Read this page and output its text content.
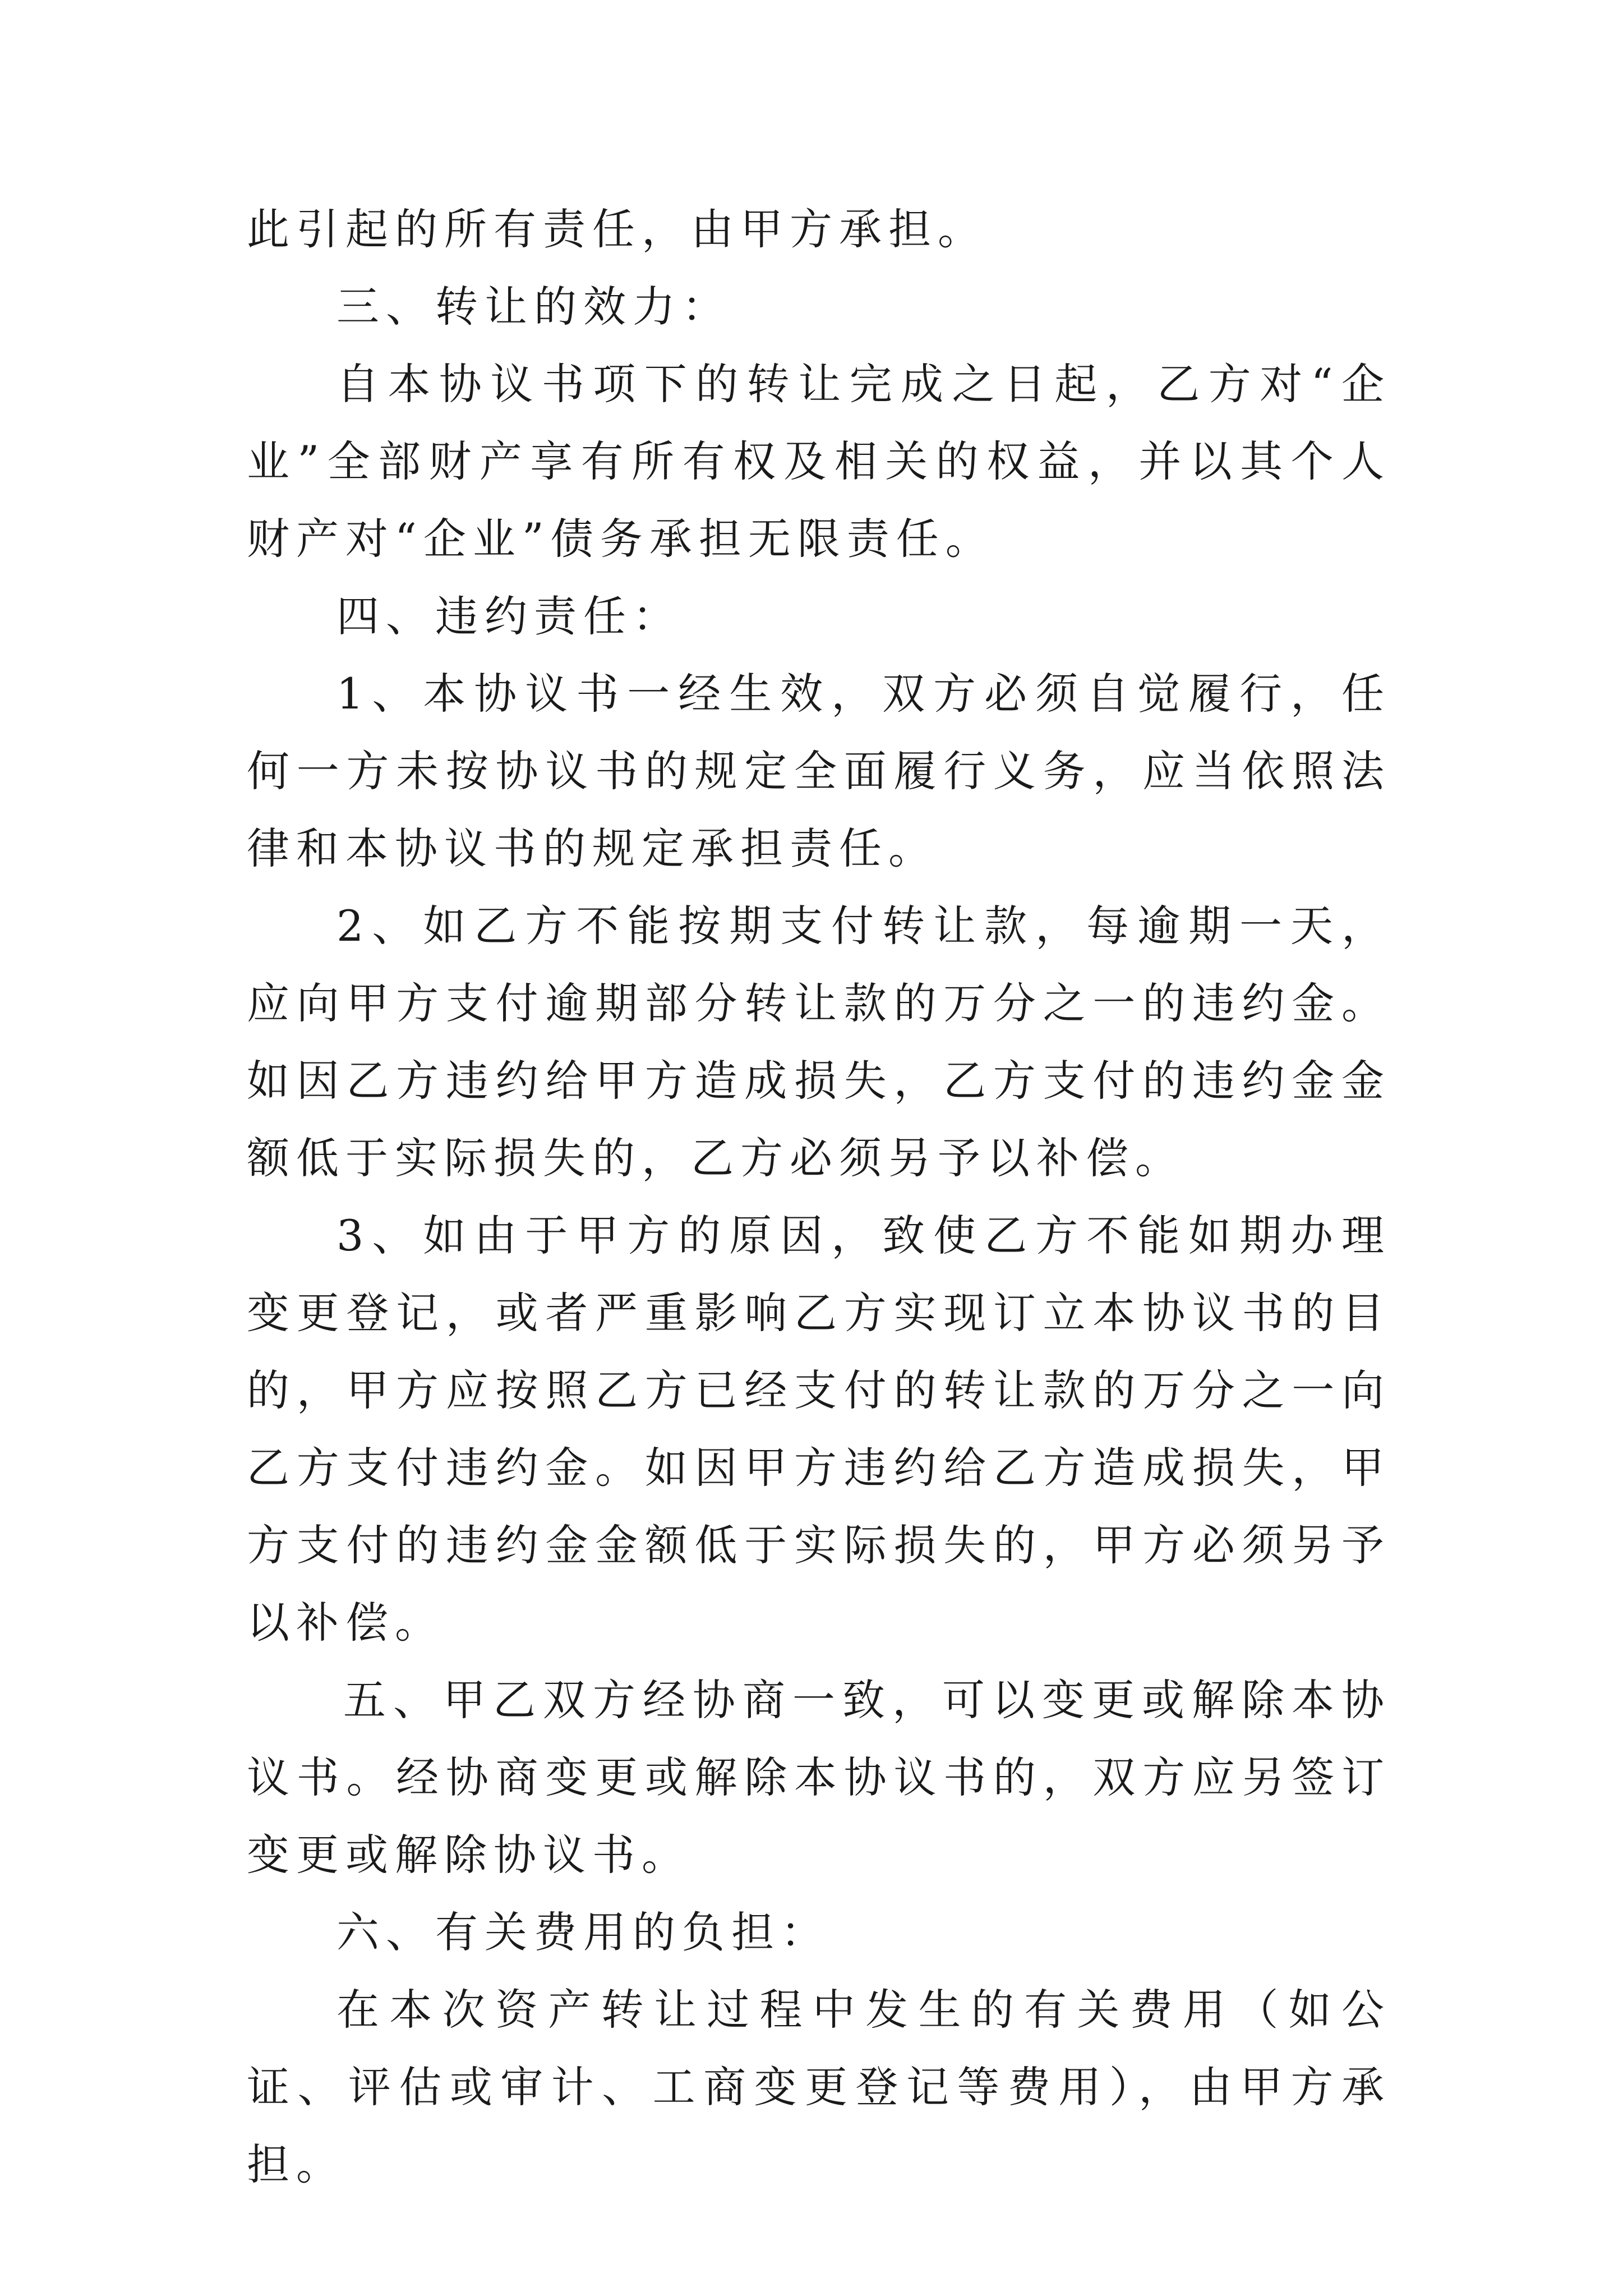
此引起的所有责任，由甲方承担。

三、转让的效力：

自本协议书项下的转让完成之日起，乙方对“企业”全部财产享有所有权及相关的权益，并以其个人财产对“企业”债务承担无限责任。

四、违约责任：

1、本协议书一经生效，双方必须自觉履行，任何一方未按协议书的规定全面履行义务，应当依照法律和本协议书的规定承担责任。

2、如乙方不能按期支付转让款，每逾期一天，应向甲方支付逾期部分转让款的万分之一的违约金。如因乙方违约给甲方造成损失，乙方支付的违约金金额低于实际损失的，乙方必须另予以补偿。

3、如由于甲方的原因，致使乙方不能如期办理变更登记，或者严重影响乙方实现订立本协议书的目的，甲方应按照乙方已经支付的转让款的万分之一向乙方支付违约金。如因甲方违约给乙方造成损失，甲方支付的违约金金额低于实际损失的，甲方必须另予以补偿。

五、甲乙双方经协商一致，可以变更或解除本协议书。经协商变更或解除本协议书的，双方应另签订变更或解除协议书。

六、有关费用的负担：

在本次资产转让过程中发生的有关费用（如公证、评估或审计、工商变更登记等费用），由甲方承担。
